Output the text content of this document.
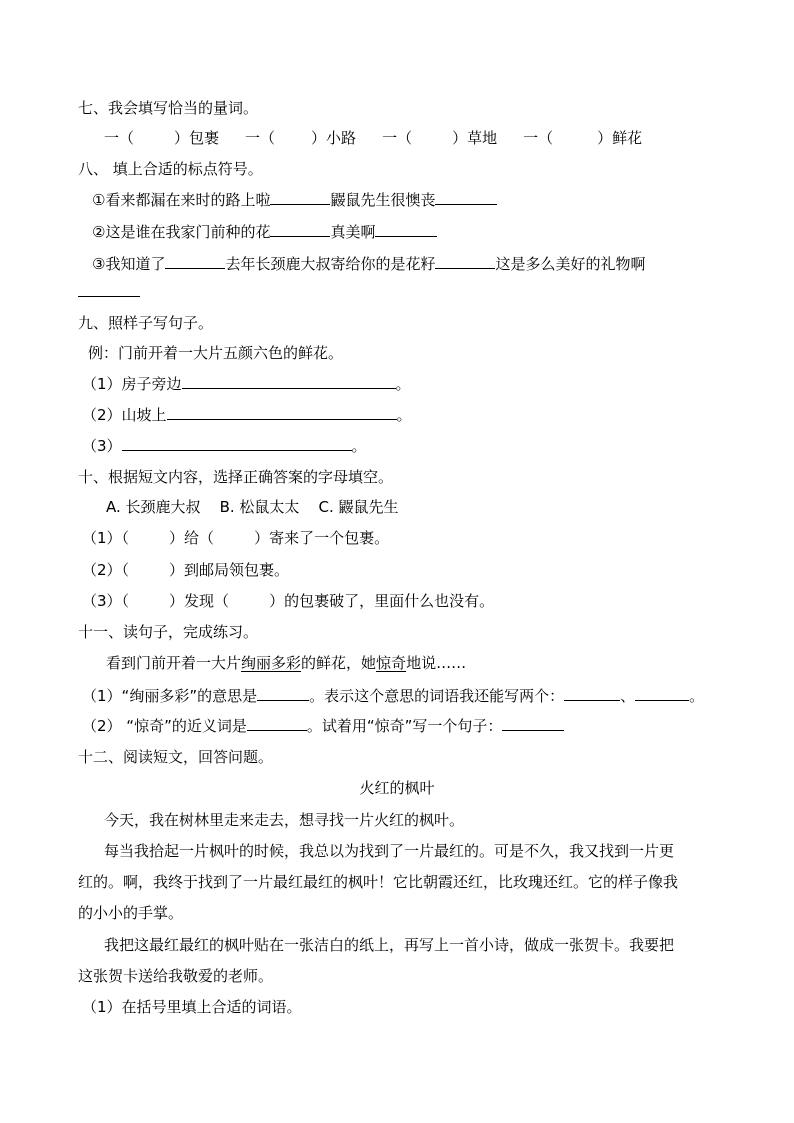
七、我会填写恰当的量词。
一（	）包裹 一（ ）小路 一（	）草地 一（	）鲜花
八、 填上合适的标点符号。
①看来都漏在来时的路上啦	鼹鼠先生很懊丧
②这是谁在我家门前种的花	真美啊
③我知道了	去年长颈鹿大叔寄给你的是花籽	这是多么美好的礼物啊
九、照样子写句子。
例：门前开着一大片五颜六色的鲜花。
（1）房子旁边	。
（2）山坡上	。
（3）	。
十、根据短文内容，选择正确答案的字母填空。
A. 长颈鹿大叔    B. 松鼠太太    C. 鼹鼠先生
（1）（	）给（	）寄来了一个包裹。
（2）（	）到邮局领包裹。
（3）（	）发现（	）的包裹破了，里面什么也没有。
十一、读句子，完成练习。
看到门前开着一大片绚丽多彩的鲜花，她惊奇地说……
（1）“绚丽多彩”的意思是	。表示这个意思的词语我还能写两个：	、	。
（2） “惊奇”的近义词是	。试着用“惊奇”写一个句子：
十二、阅读短文，回答问题。
火红的枫叶
今天，我在树林里走来走去，想寻找一片火红的枫叶。
每当我拾起一片枫叶的时候，我总以为找到了一片最红的。可是不久，我又找到一片更
红的。啊，我终于找到了一片最红最红的枫叶！它比朝霞还红，比玫瑰还红。它的样子像我
的小小的手掌。
我把这最红最红的枫叶贴在一张洁白的纸上，再写上一首小诗，做成一张贺卡。我要把
这张贺卡送给我敬爱的老师。
（1）在括号里填上合适的词语。
